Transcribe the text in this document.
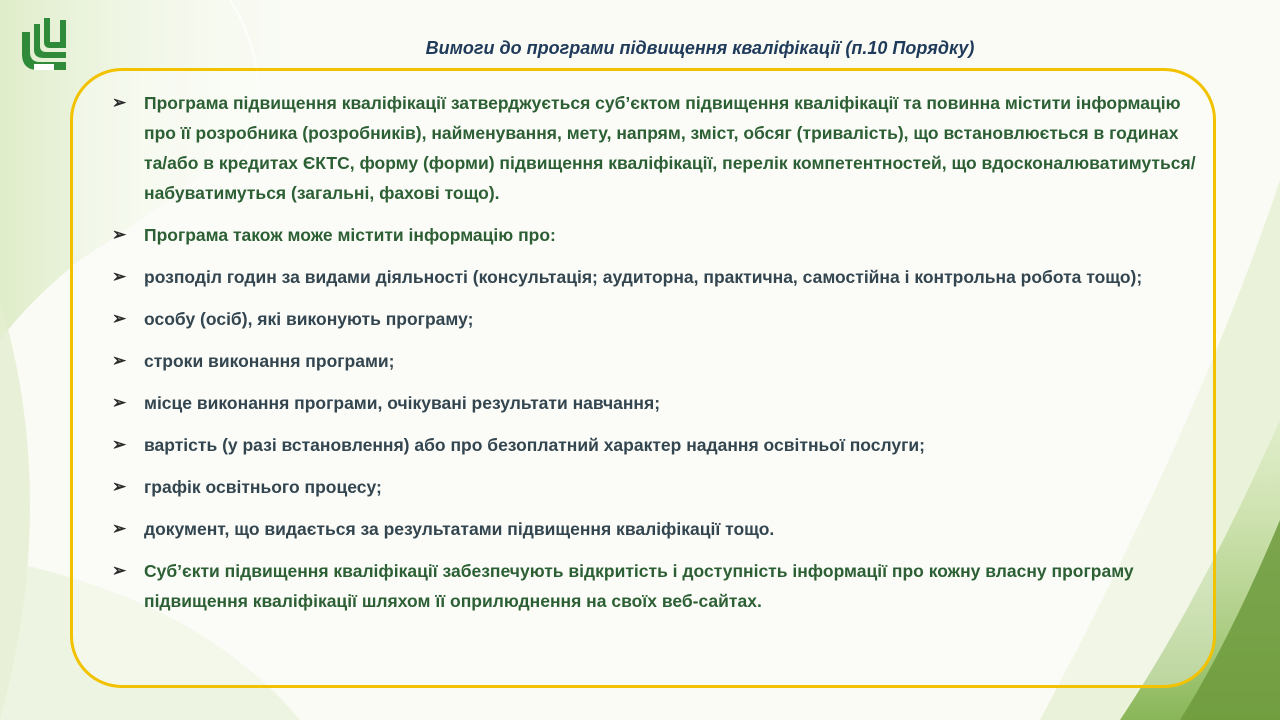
Вимоги до програми підвищення кваліфікації (п.10 Порядку)
➢ Програма підвищення кваліфікації затверджується суб’єктом підвищення кваліфікації та повинна містити інформацію про її розробника (розробників), найменування, мету, напрям, зміст, обсяг (тривалість), що встановлюється в годинах та/або в кредитах ЄКТС, форму (форми) підвищення кваліфікації, перелік компетентностей, що вдосконалюватимуться/набуватимуться (загальні, фахові тощо).
➢ Програма також може містити інформацію про:
➢ розподіл годин за видами діяльності (консультація; аудиторна, практична, самостійна і контрольна робота тощо);
➢ особу (осіб), які виконують програму;
➢ строки виконання програми;
➢ місце виконання програми, очікувані результати навчання;
➢ вартість (у разі встановлення) або про безоплатний характер надання освітньої послуги;
➢ графік освітнього процесу;
➢ документ, що видається за результатами підвищення кваліфікації тощо.
➢ Суб’єкти підвищення кваліфікації забезпечують відкритість і доступність інформації про кожну власну програму підвищення кваліфікації шляхом її оприлюднення на своїх веб-сайтах.
